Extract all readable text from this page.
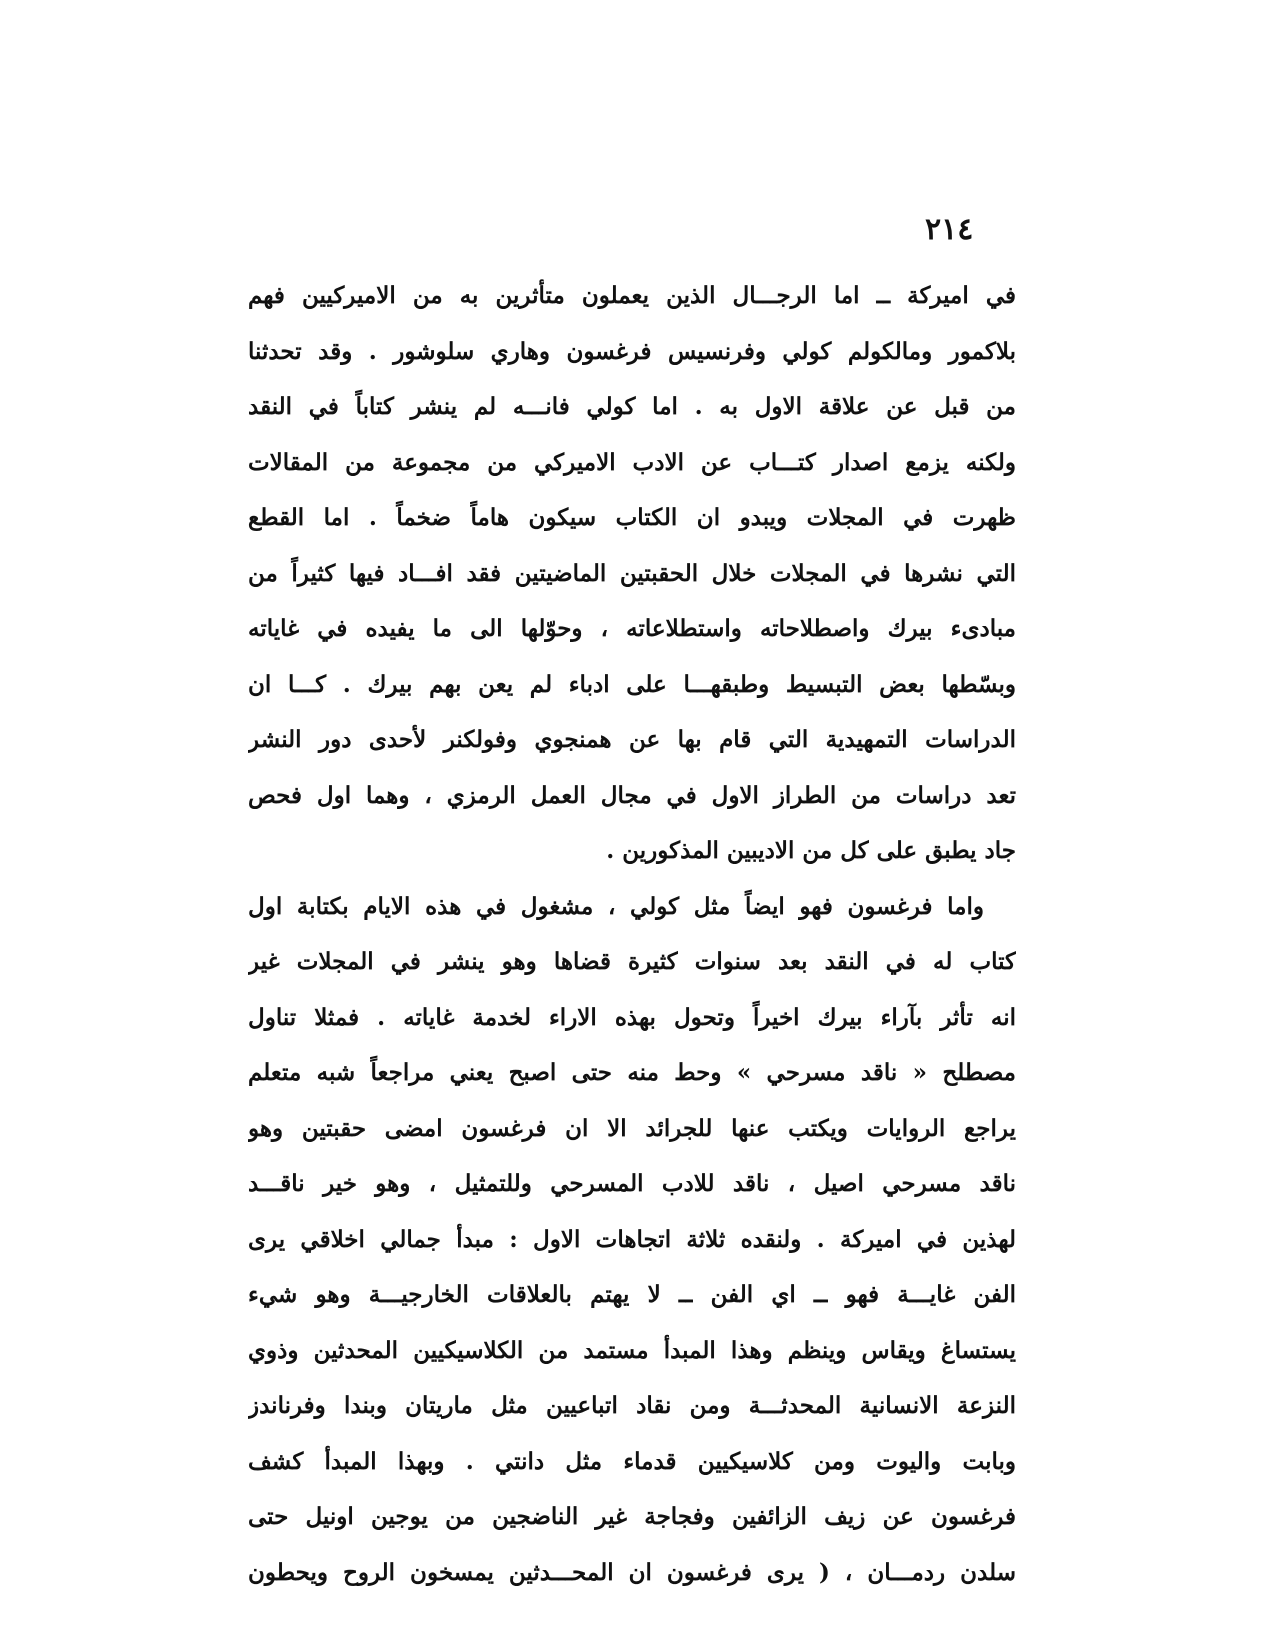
٢١٤
في اميركة ــ اما الرجـــال الذين يعملون متأثرين به من الاميركيين فهم
بلاكمور ومالكولم كولي وفرنسيس فرغسون وهاري سلوشور . وقد تحدثنا
من قبل عن علاقة الاول به . اما كولي فانـــه لم ينشر كتاباً في النقد
ولكنه يزمع اصدار كتـــاب عن الادب الاميركي من مجموعة من المقالات
ظهرت في المجلات ويبدو ان الكتاب سيكون هاماً ضخماً . اما القطع
التي نشرها في المجلات خلال الحقبتين الماضيتين فقد افـــاد فيها كثيراً من
مبادىء بيرك واصطلاحاته واستطلاعاته ، وحوّلها الى ما يفيده في غاياته
وبسّطها بعض التبسيط وطبقهـــا على ادباء لم يعن بهم بيرك . كـــا ان
الدراسات التمهيدية التي قام بها عن همنجوي وفولكنر لأحدى دور النشر
تعد دراسات من الطراز الاول في مجال العمل الرمزي ، وهما اول فحص
جاد يطبق على كل من الاديبين المذكورين .
واما فرغسون فهو ايضاً مثل كولي ، مشغول في هذه الايام بكتابة اول
كتاب له في النقد بعد سنوات كثيرة قضاها وهو ينشر في المجلات غير
انه تأثر بآراء بيرك اخيراً وتحول بهذه الاراء لخدمة غاياته . فمثلا تناول
مصطلح « ناقد مسرحي » وحط منه حتى اصبح يعني مراجعاً شبه متعلم
يراجع الروايات ويكتب عنها للجرائد الا ان فرغسون امضى حقبتين وهو
ناقد مسرحي اصيل ، ناقد للادب المسرحي وللتمثيل ، وهو خير ناقـــد
لهذين في اميركة . ولنقده ثلاثة اتجاهات الاول : مبدأ جمالي اخلاقي يرى
الفن غايـــة فهو ــ اي الفن ــ لا يهتم بالعلاقات الخارجيـــة وهو شيء
يستساغ ويقاس وينظم وهذا المبدأ مستمد من الكلاسيكيين المحدثين وذوي
النزعة الانسانية المحدثـــة ومن نقاد اتباعيين مثل ماريتان وبندا وفرناندز
وبابت واليوت ومن كلاسيكيين قدماء مثل دانتي . وبهذا المبدأ كشف
فرغسون عن زيف الزائفين وفجاجة غير الناضجين من يوجين اونيل حتى
سلدن ردمـــان ، ( يرى فرغسون ان المحـــدثين يمسخون الروح ويحطون
